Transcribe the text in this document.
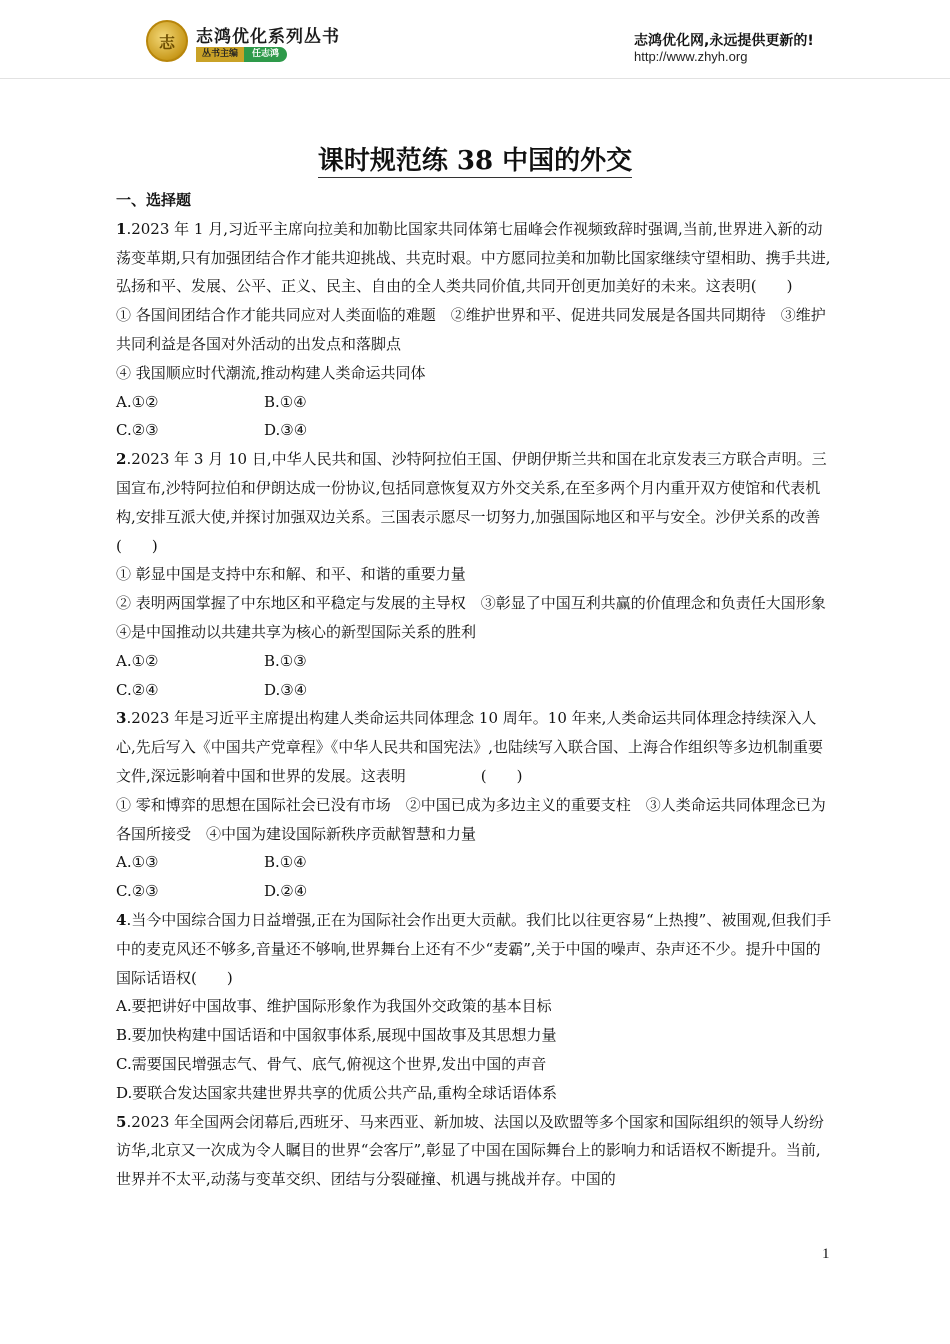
志 志鸿优化系列丛书
丛书主编	任志鸿
志鸿优化网,永远提供更新的!
http://www.zhyh.org
课时规范练 38 中国的外交

一、选择题

1.2023 年 1 月,习近平主席向拉美和加勒比国家共同体第七届峰会作视频致辞时强调,当前,世界进入新的动荡变革期,只有加强团结合作才能共迎挑战、共克时艰。中方愿同拉美和加勒比国家继续守望相助、携手共进,弘扬和平、发展、公平、正义、民主、自由的全人类共同价值,共同开创更加美好的未来。这表明(　　)

① 各国间团结合作才能共同应对人类面临的难题　②维护世界和平、促进共同发展是各国共同期待　③维护共同利益是各国对外活动的出发点和落脚点

④ 我国顺应时代潮流,推动构建人类命运共同体

A.①②	B.①④

C.②③	D.③④

2.2023 年 3 月 10 日,中华人民共和国、沙特阿拉伯王国、伊朗伊斯兰共和国在北京发表三方联合声明。三国宣布,沙特阿拉伯和伊朗达成一份协议,包括同意恢复双方外交关系,在至多两个月内重开双方使馆和代表机构,安排互派大使,并探讨加强双边关系。三国表示愿尽一切努力,加强国际地区和平与安全。沙伊关系的改善(　　)

① 彰显中国是支持中东和解、和平、和谐的重要力量

② 表明两国掌握了中东地区和平稳定与发展的主导权　③彰显了中国互利共赢的价值理念和负责任大国形象　④是中国推动以共建共享为核心的新型国际关系的胜利

A.①②	B.①③

C.②④	D.③④

3.2023 年是习近平主席提出构建人类命运共同体理念 10 周年。10 年来,人类命运共同体理念持续深入人心,先后写入《中国共产党章程》《中华人民共和国宪法》,也陆续写入联合国、上海合作组织等多边机制重要文件,深远影响着中国和世界的发展。这表明　　　　　(　　)

① 零和博弈的思想在国际社会已没有市场　②中国已成为多边主义的重要支柱　③人类命运共同体理念已为各国所接受　④中国为建设国际新秩序贡献智慧和力量

A.①③	B.①④

C.②③	D.②④

4.当今中国综合国力日益增强,正在为国际社会作出更大贡献。我们比以往更容易“上热搜”、被围观,但我们手中的麦克风还不够多,音量还不够响,世界舞台上还有不少“麦霸”,关于中国的噪声、杂声还不少。提升中国的国际话语权(　　)

A.要把讲好中国故事、维护国际形象作为我国外交政策的基本目标

B.要加快构建中国话语和中国叙事体系,展现中国故事及其思想力量

C.需要国民增强志气、骨气、底气,俯视这个世界,发出中国的声音

D.要联合发达国家共建世界共享的优质公共产品,重构全球话语体系

5.2023 年全国两会闭幕后,西班牙、马来西亚、新加坡、法国以及欧盟等多个国家和国际组织的领导人纷纷访华,北京又一次成为令人瞩目的世界“会客厅”,彰显了中国在国际舞台上的影响力和话语权不断提升。当前,世界并不太平,动荡与变革交织、团结与分裂碰撞、机遇与挑战并存。中国的

1
